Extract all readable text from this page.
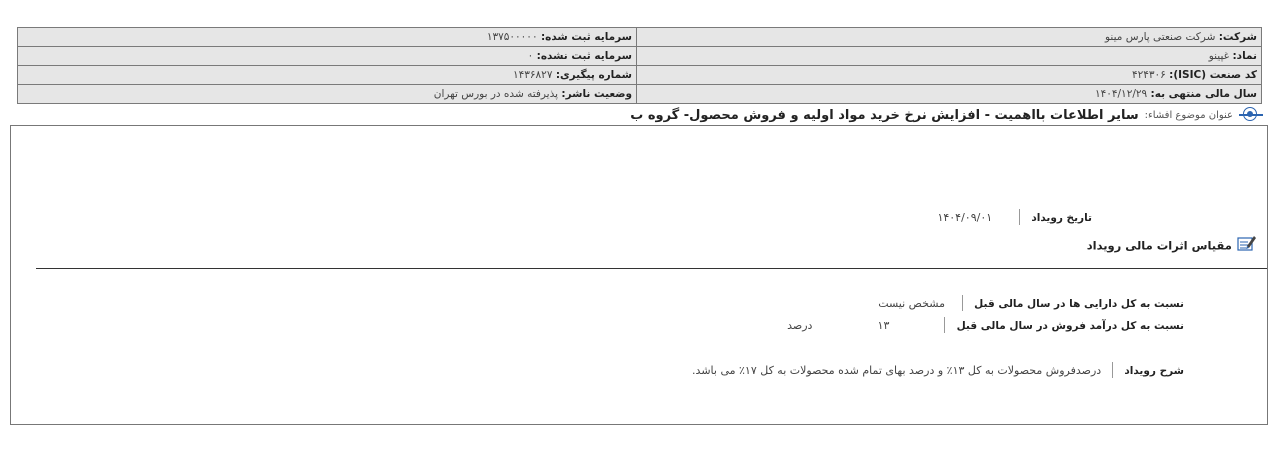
شرکت: شرکت صنعتی پارس مینو	سرمایه ثبت شده: ۱۳۷۵۰۰۰۰۰
نماد: غپینو	سرمایه ثبت نشده: ۰
کد صنعت (ISIC): ۴۲۴۳۰۶	شماره پیگیری: ۱۴۳۶۸۲۷
سال مالی منتهی به: ۱۴۰۴/۱۲/۲۹	وضعیت ناشر: پذیرفته شده در بورس تهران
عنوان موضوع افشاء:
سایر اطلاعات بااهمیت - افزایش نرخ خرید مواد اولیه و فروش محصول- گروه ب
تاریخ رویداد  ۱۴۰۴/۰۹/۰۱
مقیاس اثرات مالی رویداد
نسبت به کل دارایی ها در سال مالی قبل  مشخص نیست
نسبت به کل درآمد فروش در سال مالی قبل  ۱۳ درصد
شرح رویداد  درصدفروش محصولات به کل ۱۳٪ و درصد بهای تمام شده محصولات به کل ۱۷٪ می باشد.
